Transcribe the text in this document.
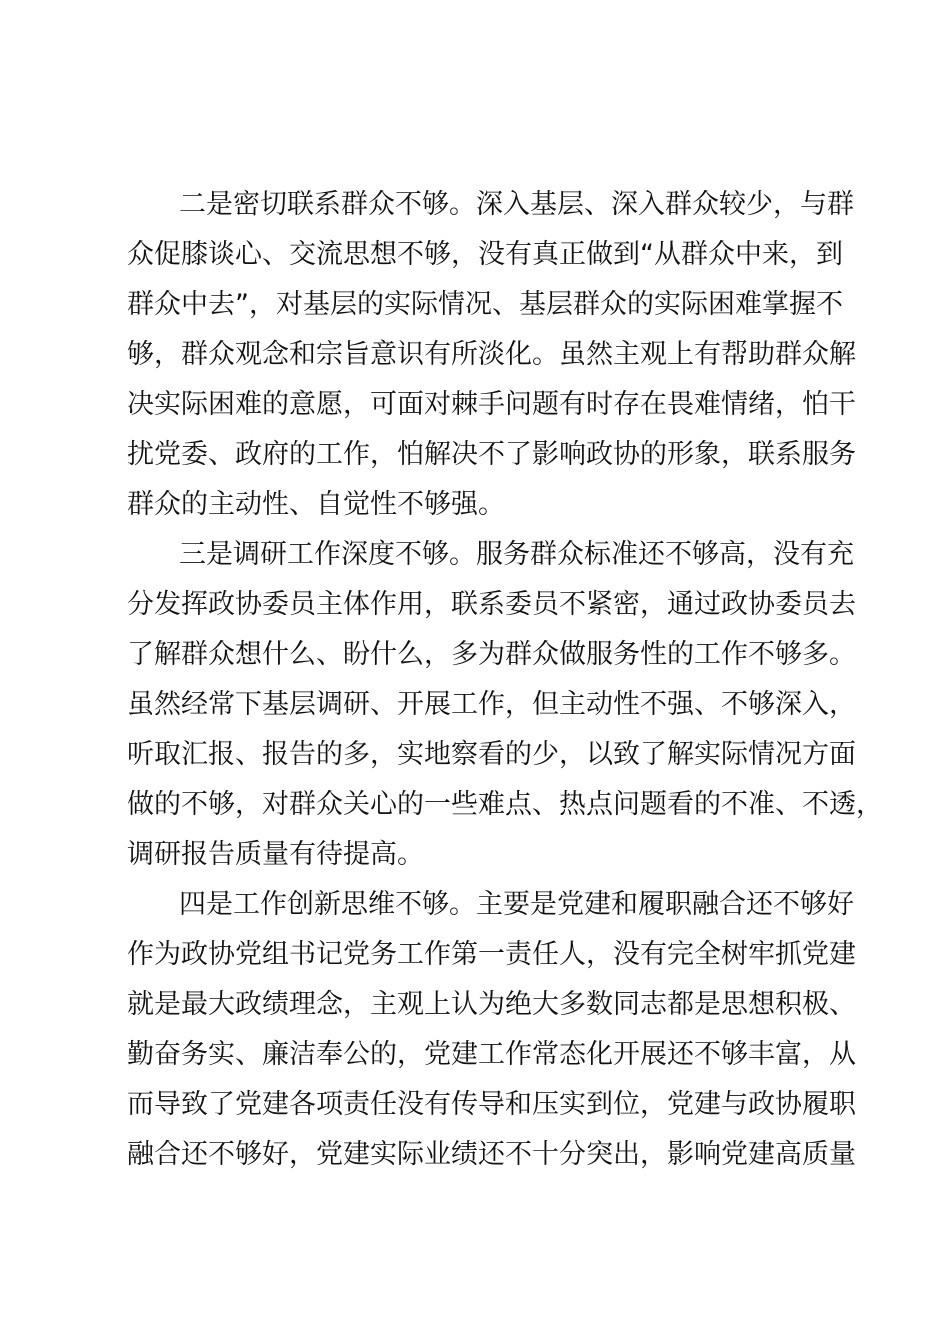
二是密切联系群众不够。深入基层、深入群众较少，与群
众促膝谈心、交流思想不够，没有真正做到“从群众中来，到
群众中去”，对基层的实际情况、基层群众的实际困难掌握不
够，群众观念和宗旨意识有所淡化。虽然主观上有帮助群众解
决实际困难的意愿，可面对棘手问题有时存在畏难情绪，怕干
扰党委、政府的工作，怕解决不了影响政协的形象，联系服务
群众的主动性、自觉性不够强。
三是调研工作深度不够。服务群众标准还不够高，没有充
分发挥政协委员主体作用，联系委员不紧密，通过政协委员去
了解群众想什么、盼什么，多为群众做服务性的工作不够多。
虽然经常下基层调研、开展工作，但主动性不强、不够深入，
听取汇报、报告的多，实地察看的少，以致了解实际情况方面
做的不够，对群众关心的一些难点、热点问题看的不准、不透，
调研报告质量有待提高。
四是工作创新思维不够。主要是党建和履职融合还不够好
作为政协党组书记党务工作第一责任人，没有完全树牢抓党建
就是最大政绩理念，主观上认为绝大多数同志都是思想积极、
勤奋务实、廉洁奉公的，党建工作常态化开展还不够丰富，从
而导致了党建各项责任没有传导和压实到位，党建与政协履职
融合还不够好，党建实际业绩还不十分突出，影响党建高质量
